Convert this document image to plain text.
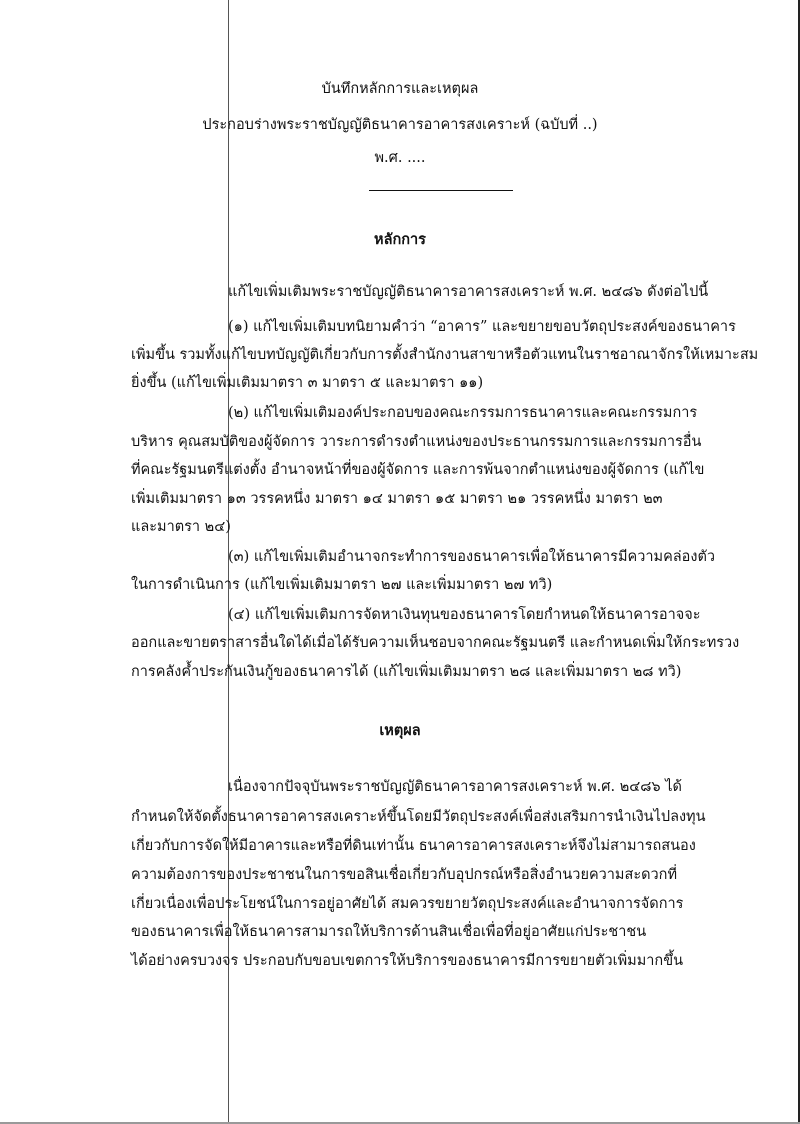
บันทึกหลักการและเหตุผล
ประกอบร่างพระราชบัญญัติธนาคารอาคารสงเคราะห์ (ฉบับที่ ..)
พ.ศ. ....
หลักการ
แก้ไขเพิ่มเติมพระราชบัญญัติธนาคารอาคารสงเคราะห์ พ.ศ. ๒๔๘๖ ดังต่อไปนี้
(๑) แก้ไขเพิ่มเติมบทนิยามคำว่า “อาคาร” และขยายขอบวัตถุประสงค์ของธนาคาร
เพิ่มขึ้น รวมทั้งแก้ไขบทบัญญัติเกี่ยวกับการตั้งสำนักงานสาขาหรือตัวแทนในราชอาณาจักรให้เหมาะสม
ยิ่งขึ้น (แก้ไขเพิ่มเติมมาตรา ๓ มาตรา ๕ และมาตรา ๑๑)
(๒) แก้ไขเพิ่มเติมองค์ประกอบของคณะกรรมการธนาคารและคณะกรรมการ
บริหาร คุณสมบัติของผู้จัดการ วาระการดำรงตำแหน่งของประธานกรรมการและกรรมการอื่น
ที่คณะรัฐมนตรีแต่งตั้ง อำนาจหน้าที่ของผู้จัดการ และการพ้นจากตำแหน่งของผู้จัดการ (แก้ไข
เพิ่มเติมมาตรา ๑๓ วรรคหนึ่ง มาตรา ๑๔ มาตรา ๑๕ มาตรา ๒๑ วรรคหนึ่ง มาตรา ๒๓
และมาตรา ๒๔)
(๓) แก้ไขเพิ่มเติมอำนาจกระทำการของธนาคารเพื่อให้ธนาคารมีความคล่องตัว
ในการดำเนินการ (แก้ไขเพิ่มเติมมาตรา ๒๗ และเพิ่มมาตรา ๒๗ ทวิ)
(๔) แก้ไขเพิ่มเติมการจัดหาเงินทุนของธนาคารโดยกำหนดให้ธนาคารอาจจะ
ออกและขายตราสารอื่นใดได้เมื่อได้รับความเห็นชอบจากคณะรัฐมนตรี และกำหนดเพิ่มให้กระทรวง
การคลังค้ำประกันเงินกู้ของธนาคารได้ (แก้ไขเพิ่มเติมมาตรา ๒๘ และเพิ่มมาตรา ๒๘ ทวิ)
เหตุผล
เนื่องจากปัจจุบันพระราชบัญญัติธนาคารอาคารสงเคราะห์ พ.ศ. ๒๔๘๖ ได้
กำหนดให้จัดตั้งธนาคารอาคารสงเคราะห์ขึ้นโดยมีวัตถุประสงค์เพื่อส่งเสริมการนำเงินไปลงทุน
เกี่ยวกับการจัดให้มีอาคารและหรือที่ดินเท่านั้น ธนาคารอาคารสงเคราะห์จึงไม่สามารถสนอง
ความต้องการของประชาชนในการขอสินเชื่อเกี่ยวกับอุปกรณ์หรือสิ่งอำนวยความสะดวกที่
เกี่ยวเนื่องเพื่อประโยชน์ในการอยู่อาศัยได้ สมควรขยายวัตถุประสงค์และอำนาจการจัดการ
ของธนาคารเพื่อให้ธนาคารสามารถให้บริการด้านสินเชื่อเพื่อที่อยู่อาศัยแก่ประชาชน
ได้อย่างครบวงจร ประกอบกับขอบเขตการให้บริการของธนาคารมีการขยายตัวเพิ่มมากขึ้น
